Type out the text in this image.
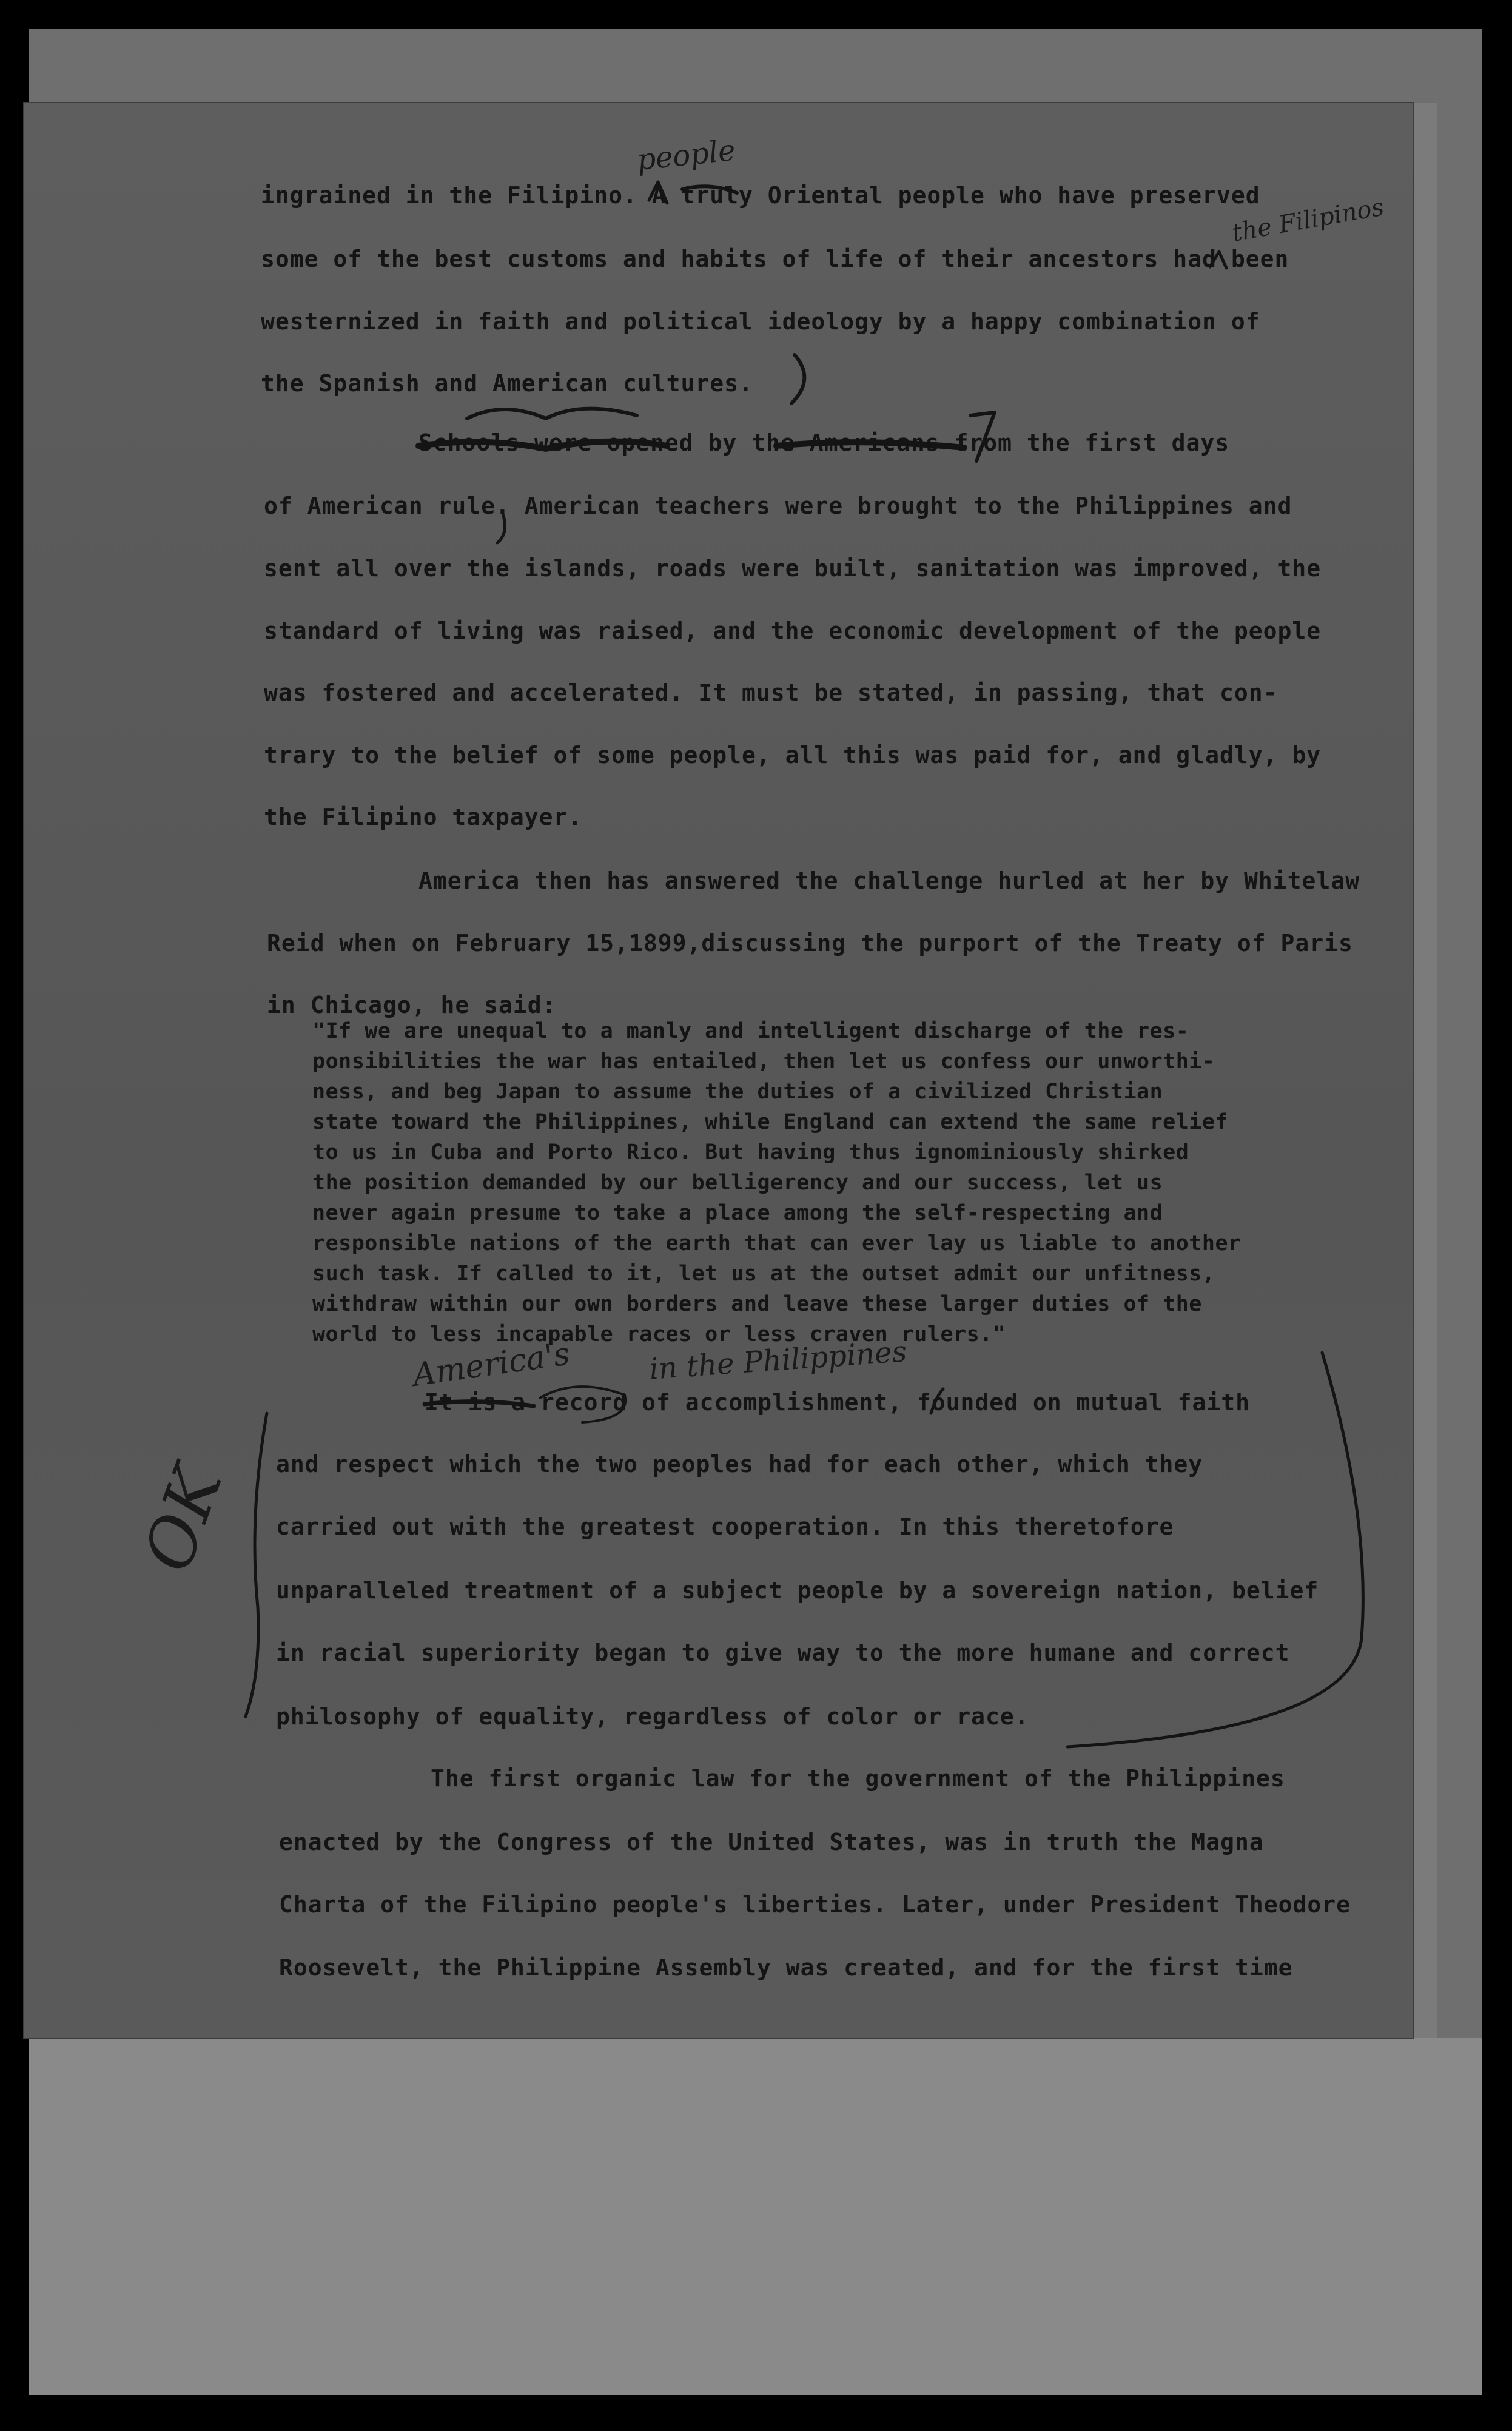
ingrained in the Filipino. A truly Oriental people who have preserved
some of the best customs and habits of life of their ancestors had been
westernized in faith and political ideology by a happy combination of
the Spanish and American cultures.
Schools were opened by the Americans from the first days
of American rule. American teachers were brought to the Philippines and
sent all over the islands, roads were built, sanitation was improved, the
standard of living was raised, and the economic development of the people
was fostered and accelerated. It must be stated, in passing, that con-
trary to the belief of some people, all this was paid for, and gladly, by
the Filipino taxpayer.
America then has answered the challenge hurled at her by Whitelaw
Reid when on February 15,1899,discussing the purport of the Treaty of Paris
in Chicago, he said:
"If we are unequal to a manly and intelligent discharge of the res-
ponsibilities the war has entailed, then let us confess our unworthi-
ness, and beg Japan to assume the duties of a civilized Christian
state toward the Philippines, while England can extend the same relief
to us in Cuba and Porto Rico. But having thus ignominiously shirked
the position demanded by our belligerency and our success, let us
never again presume to take a place among the self-respecting and
responsible nations of the earth that can ever lay us liable to another
such task. If called to it, let us at the outset admit our unfitness,
withdraw within our own borders and leave these larger duties of the
world to less incapable races or less craven rulers."
It is a record of accomplishment, founded on mutual faith
and respect which the two peoples had for each other, which they
carried out with the greatest cooperation. In this theretofore
unparalleled treatment of a subject people by a sovereign nation, belief
in racial superiority began to give way to the more humane and correct
philosophy of equality, regardless of color or race.
The first organic law for the government of the Philippines
enacted by the Congress of the United States, was in truth the Magna
Charta of the Filipino people's liberties. Later, under President Theodore
Roosevelt, the Philippine Assembly was created, and for the first time
people
the Filipinos
America's	in the Philippines
OK
